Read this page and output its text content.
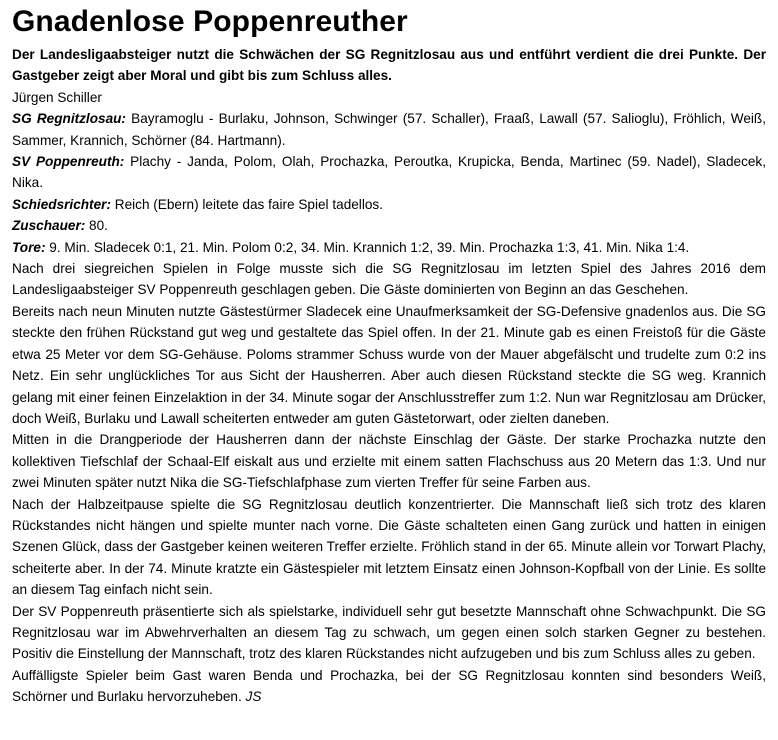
Gnadenlose Poppenreuther

Der Landesligaabsteiger nutzt die Schwächen der SG Regnitzlosau aus und entführt verdient die drei Punkte. Der Gastgeber zeigt aber Moral und gibt bis zum Schluss alles.

Jürgen Schiller

SG Regnitzlosau: Bayramoglu - Burlaku, Johnson, Schwinger (57. Schaller), Fraaß, Lawall (57. Salioglu), Fröhlich, Weiß, Sammer, Krannich, Schörner (84. Hartmann).

SV Poppenreuth: Plachy - Janda, Polom, Olah, Prochazka, Peroutka, Krupicka, Benda, Martinec (59. Nadel), Sladecek, Nika.

Schiedsrichter: Reich (Ebern) leitete das faire Spiel tadellos.

Zuschauer: 80.

Tore: 9. Min. Sladecek 0:1, 21. Min. Polom 0:2, 34. Min. Krannich 1:2, 39. Min. Prochazka 1:3, 41. Min. Nika 1:4.

Nach drei siegreichen Spielen in Folge musste sich die SG Regnitzlosau im letzten Spiel des Jahres 2016 dem Landesligaabsteiger SV Poppenreuth geschlagen geben. Die Gäste dominierten von Beginn an das Geschehen.

Bereits nach neun Minuten nutzte Gästestürmer Sladecek eine Unaufmerksamkeit der SG-Defensive gnadenlos aus. Die SG steckte den frühen Rückstand gut weg und gestaltete das Spiel offen. In der 21. Minute gab es einen Freistoß für die Gäste etwa 25 Meter vor dem SG-Gehäuse. Poloms strammer Schuss wurde von der Mauer abgefälscht und trudelte zum 0:2 ins Netz. Ein sehr unglückliches Tor aus Sicht der Hausherren. Aber auch diesen Rückstand steckte die SG weg. Krannich gelang mit einer feinen Einzelaktion in der 34. Minute sogar der Anschlusstreffer zum 1:2. Nun war Regnitzlosau am Drücker, doch Weiß, Burlaku und Lawall scheiterten entweder am guten Gästetorwart, oder zielten daneben.

Mitten in die Drangperiode der Hausherren dann der nächste Einschlag der Gäste. Der starke Prochazka nutzte den kollektiven Tiefschlaf der Schaal-Elf eiskalt aus und erzielte mit einem satten Flachschuss aus 20 Metern das 1:3. Und nur zwei Minuten später nutzt Nika die SG-Tiefschlafphase zum vierten Treffer für seine Farben aus.

Nach der Halbzeitpause spielte die SG Regnitzlosau deutlich konzentrierter. Die Mannschaft ließ sich trotz des klaren Rückstandes nicht hängen und spielte munter nach vorne. Die Gäste schalteten einen Gang zurück und hatten in einigen Szenen Glück, dass der Gastgeber keinen weiteren Treffer erzielte. Fröhlich stand in der 65. Minute allein vor Torwart Plachy, scheiterte aber. In der 74. Minute kratzte ein Gästespieler mit letztem Einsatz einen Johnson-Kopfball von der Linie. Es sollte an diesem Tag einfach nicht sein.

Der SV Poppenreuth präsentierte sich als spielstarke, individuell sehr gut besetzte Mannschaft ohne Schwachpunkt. Die SG Regnitzlosau war im Abwehrverhalten an diesem Tag zu schwach, um gegen einen solch starken Gegner zu bestehen. Positiv die Einstellung der Mannschaft, trotz des klaren Rückstandes nicht aufzugeben und bis zum Schluss alles zu geben.

Auffälligste Spieler beim Gast waren Benda und Prochazka, bei der SG Regnitzlosau konnten sind besonders Weiß, Schörner und Burlaku hervorzuheben. JS
